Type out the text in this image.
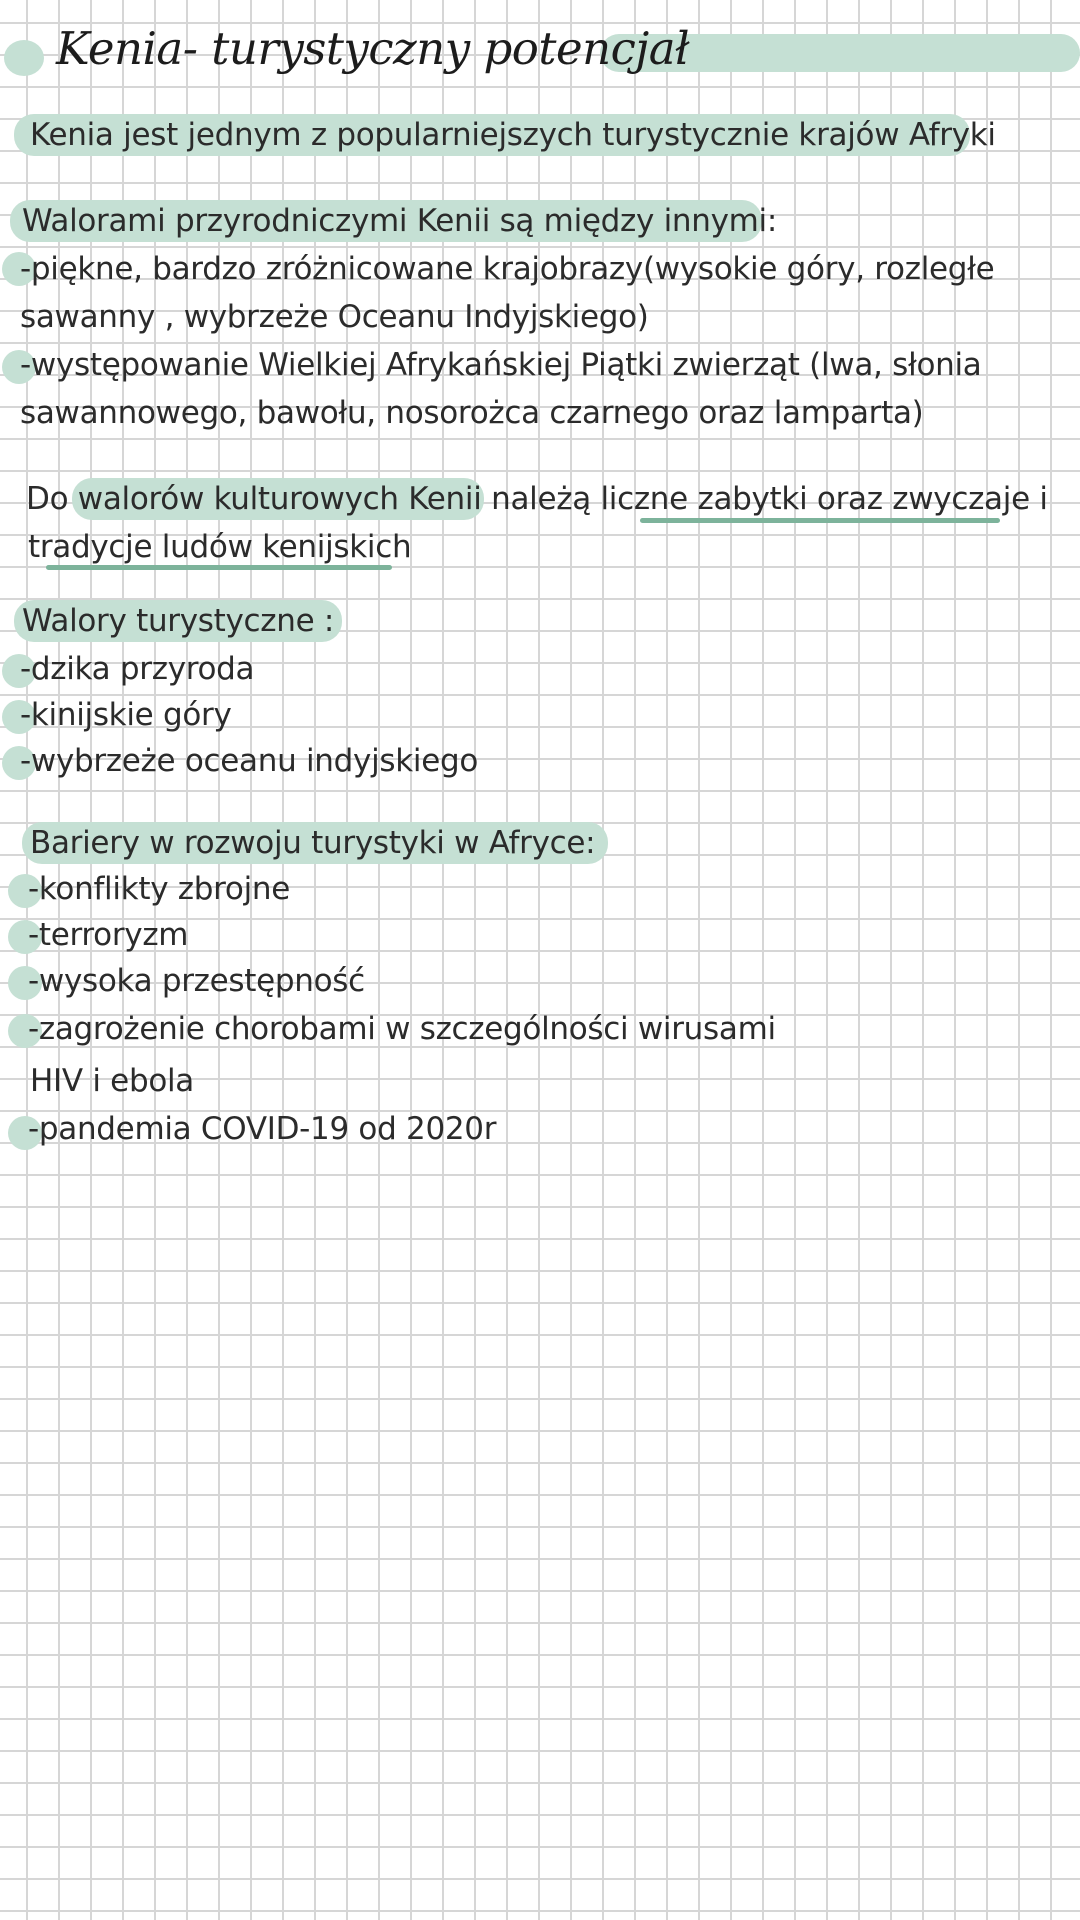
Kenia- turystyczny potencjał
Kenia jest jednym z popularniejszych turystycznie krajów Afryki
Walorami przyrodniczymi Kenii są między innymi:
-piękne, bardzo zróżnicowane krajobrazy(wysokie góry, rozległe
sawanny , wybrzeże Oceanu Indyjskiego)
-występowanie Wielkiej Afrykańskiej Piątki zwierząt (lwa, słonia
sawannowego, bawołu, nosorożca czarnego oraz lamparta)
Do walorów kulturowych Kenii należą liczne zabytki oraz zwyczaje i
tradycje ludów kenijskich
Walory turystyczne :
-dzika przyroda
-kinijskie góry
-wybrzeże oceanu indyjskiego
Bariery w rozwoju turystyki w Afryce:
-konflikty zbrojne
-terroryzm
-wysoka przestępność
-zagrożenie chorobami w szczególności wirusami
HIV i ebola
-pandemia COVID-19 od 2020r
